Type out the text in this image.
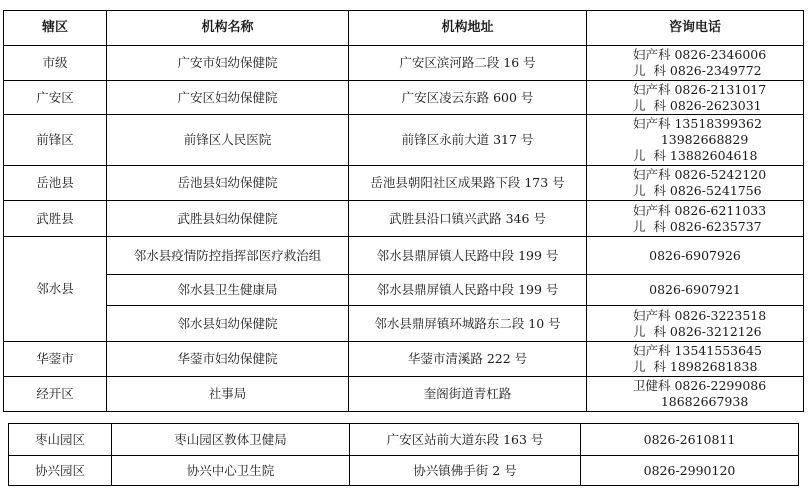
辖区	机构名称	机构地址	咨询电话
市级	广安市妇幼保健院	广安区滨河路二段 16 号	妇产科 0826-2346006
儿  科 0826-2349772

广安区	广安区妇幼保健院	广安区凌云东路 600 号	妇产科 0826-2131017
儿  科 0826-2623031

前锋区	前锋区人民医院	前锋区永前大道 317 号	妇产科 13518399362
13982668829
儿  科 13882604618

岳池县	岳池县妇幼保健院	岳池县朝阳社区成果路下段 173 号	妇产科 0826-5242120
儿  科 0826-5241756

武胜县	武胜县妇幼保健院	武胜县沿口镇兴武路 346 号	妇产科 0826-6211033
儿  科 0826-6235737

邻水县	邻水县疫情防控指挥部医疗救治组	邻水县鼎屏镇人民路中段 199 号	0826-6907926
	邻水县卫生健康局	邻水县鼎屏镇人民路中段 199 号	0826-6907921
	邻水县妇幼保健院	邻水县鼎屏镇环城路东二段 10 号	妇产科 0826-3223518
儿  科 0826-3212126

华蓥市	华蓥市妇幼保健院	华蓥市清溪路 222 号	妇产科 13541553645
儿  科 18982681838

经开区	社事局	奎阁街道青杠路	卫健科 0826-2299086
18682667938
枣山园区	枣山园区教体卫健局	广安区站前大道东段 163 号	0826-2610811
协兴园区	协兴中心卫生院	协兴镇佛手街 2 号	0826-2990120
